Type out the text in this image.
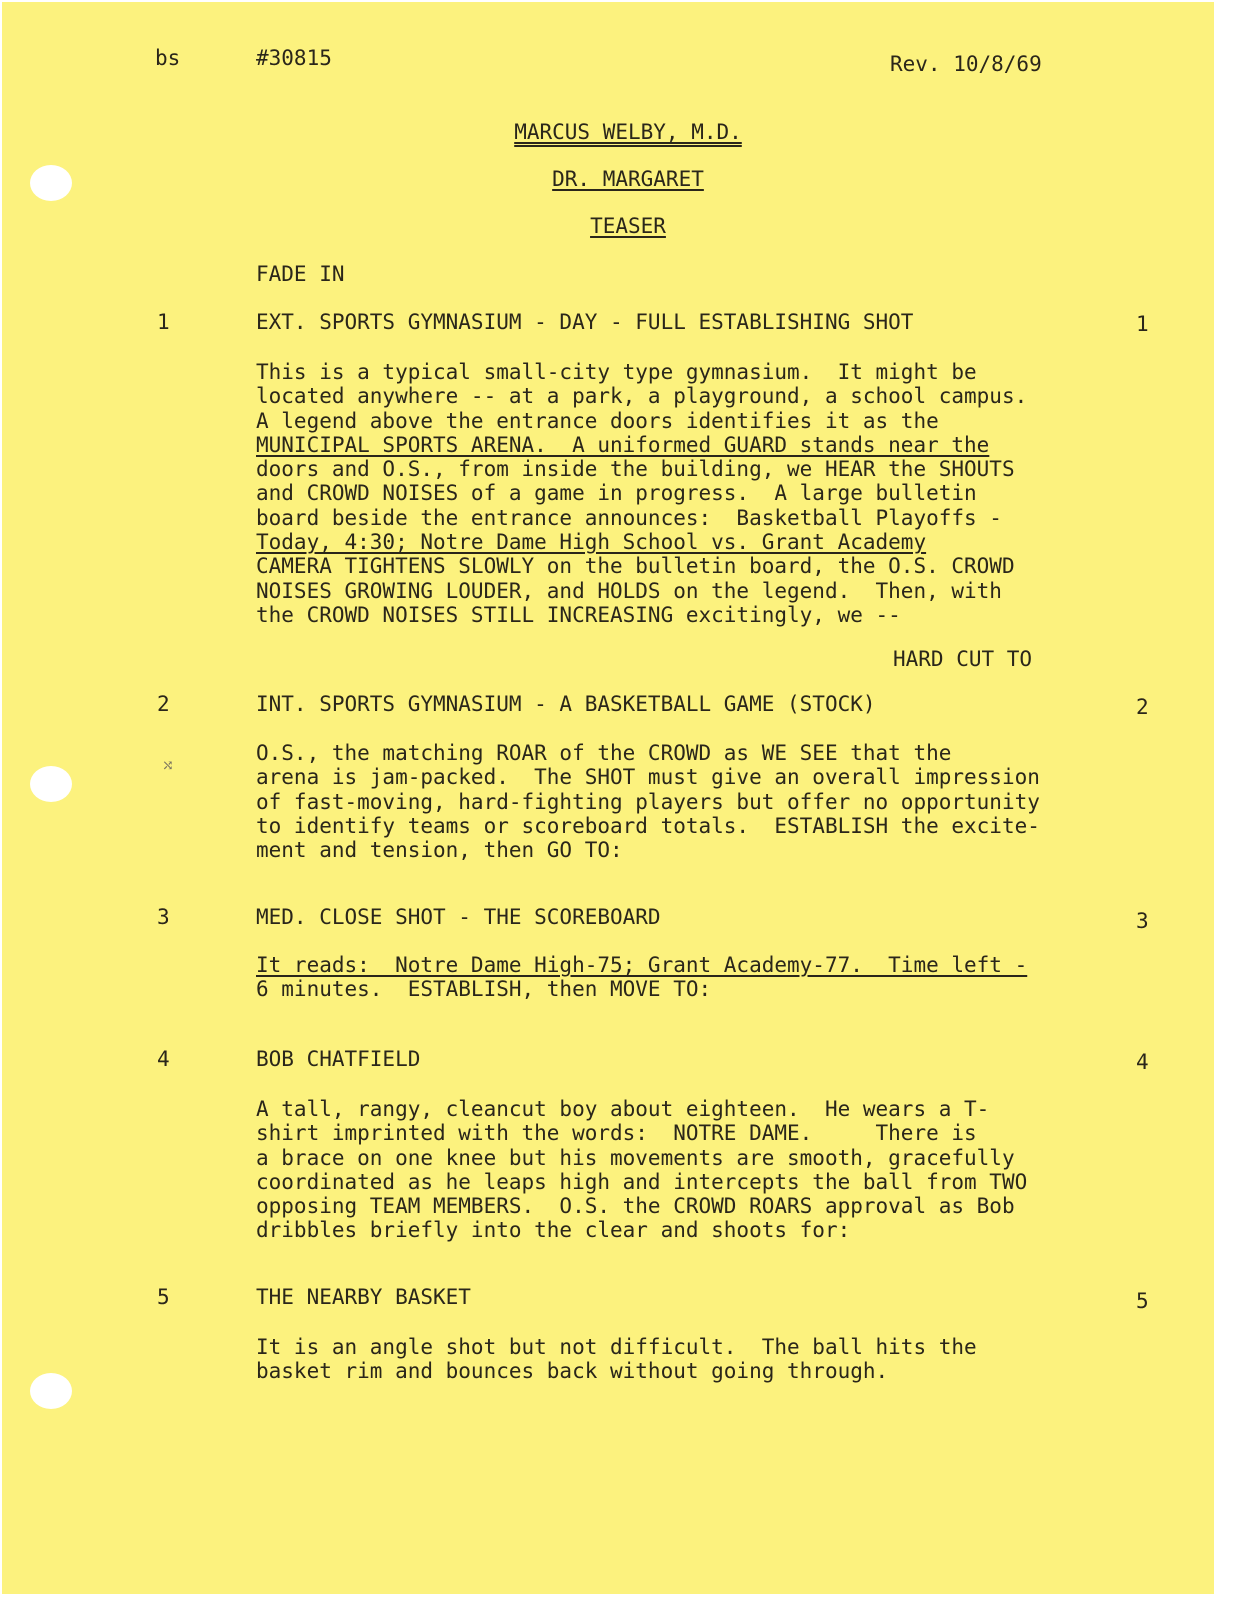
bs	#30815	Rev. 10/8/69
MARCUS WELBY, M.D.
DR. MARGARET
TEASER
FADE IN
1	EXT. SPORTS GYMNASIUM - DAY - FULL ESTABLISHING SHOT	1
This is a typical small-city type gymnasium.  It might be
located anywhere -- at a park, a playground, a school campus.
A legend above the entrance doors identifies it as the
MUNICIPAL SPORTS ARENA.  A uniformed GUARD stands near the
doors and O.S., from inside the building, we HEAR the SHOUTS
and CROWD NOISES of a game in progress.  A large bulletin
board beside the entrance announces:  Basketball Playoffs -
Today, 4:30; Notre Dame High School vs. Grant Academy
CAMERA TIGHTENS SLOWLY on the bulletin board, the O.S. CROWD
NOISES GROWING LOUDER, and HOLDS on the legend.  Then, with
the CROWD NOISES STILL INCREASING excitingly, we --
HARD CUT TO
2	INT. SPORTS GYMNASIUM - A BASKETBALL GAME (STOCK)	2
⤭
O.S., the matching ROAR of the CROWD as WE SEE that the
arena is jam-packed.  The SHOT must give an overall impression
of fast-moving, hard-fighting players but offer no opportunity
to identify teams or scoreboard totals.  ESTABLISH the excite-
ment and tension, then GO TO:
3	MED. CLOSE SHOT - THE SCOREBOARD	3
It reads:  Notre Dame High-75; Grant Academy-77.  Time left -
6 minutes.  ESTABLISH, then MOVE TO:
4	BOB CHATFIELD	4
A tall, rangy, cleancut boy about eighteen.  He wears a T-
shirt imprinted with the words:  NOTRE DAME.     There is
a brace on one knee but his movements are smooth, gracefully
coordinated as he leaps high and intercepts the ball from TWO
opposing TEAM MEMBERS.  O.S. the CROWD ROARS approval as Bob
dribbles briefly into the clear and shoots for:
5	THE NEARBY BASKET	5
It is an angle shot but not difficult.  The ball hits the
basket rim and bounces back without going through.
